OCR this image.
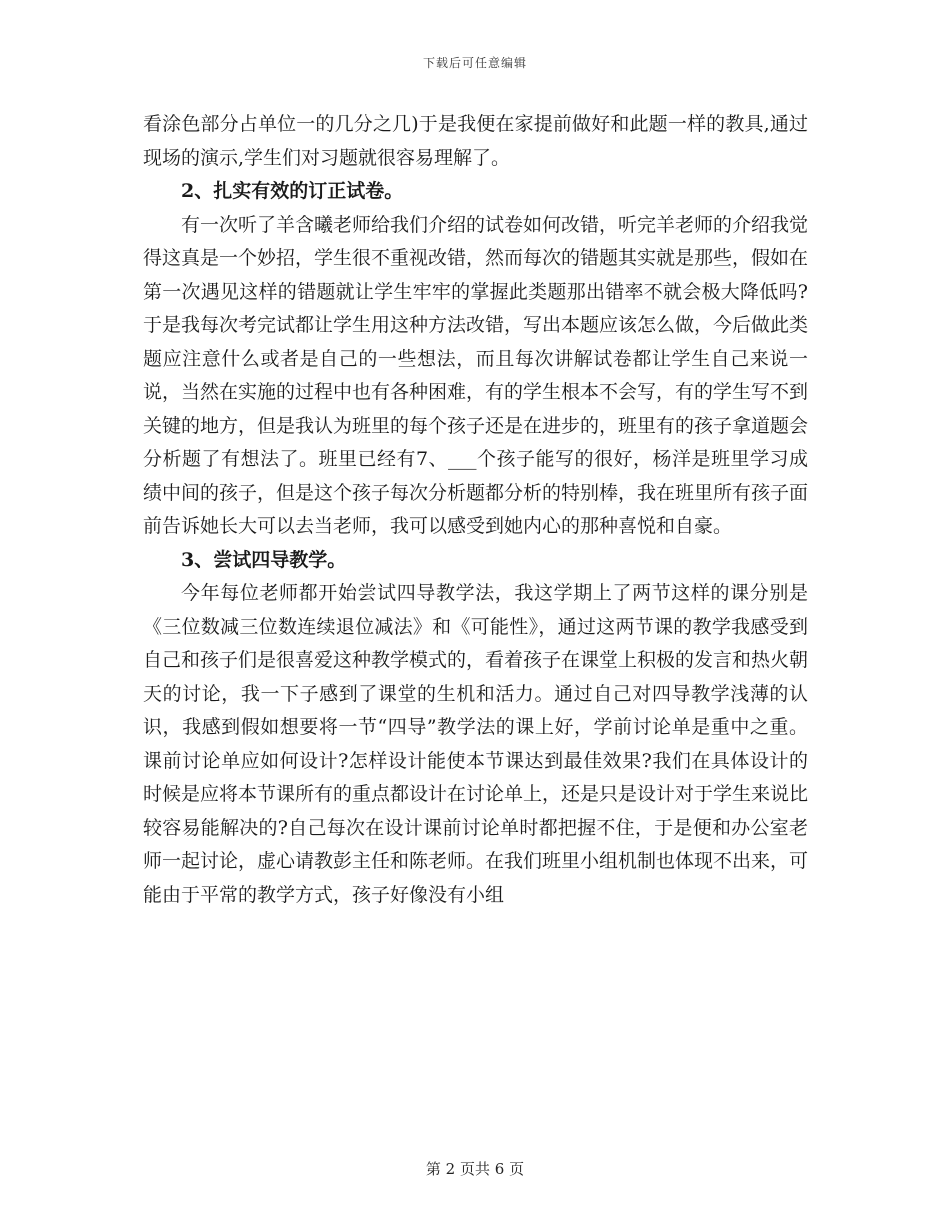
下载后可任意编辑

看涂色部分占单位一的几分之几)于是我便在家提前做好和此题一样的教具,通过现场的演示,学生们对习题就很容易理解了。

2、扎实有效的订正试卷。

有一次听了羊含曦老师给我们介绍的试卷如何改错，听完羊老师的介绍我觉得这真是一个妙招，学生很不重视改错，然而每次的错题其实就是那些，假如在第一次遇见这样的错题就让学生牢牢的掌握此类题那出错率不就会极大降低吗?于是我每次考完试都让学生用这种方法改错，写出本题应该怎么做，今后做此类题应注意什么或者是自己的一些想法，而且每次讲解试卷都让学生自己来说一说，当然在实施的过程中也有各种困难，有的学生根本不会写，有的学生写不到关键的地方，但是我认为班里的每个孩子还是在进步的，班里有的孩子拿道题会分析题了有想法了。班里已经有7、___个孩子能写的很好，杨洋是班里学习成绩中间的孩子，但是这个孩子每次分析题都分析的特别棒，我在班里所有孩子面前告诉她长大可以去当老师，我可以感受到她内心的那种喜悦和自豪。

3、尝试四导教学。

今年每位老师都开始尝试四导教学法，我这学期上了两节这样的课分别是《三位数减三位数连续退位减法》和《可能性》，通过这两节课的教学我感受到自己和孩子们是很喜爱这种教学模式的，看着孩子在课堂上积极的发言和热火朝天的讨论，我一下子感到了课堂的生机和活力。通过自己对四导教学浅薄的认识，我感到假如想要将一节“四导”教学法的课上好，学前讨论单是重中之重。课前讨论单应如何设计?怎样设计能使本节课达到最佳效果?我们在具体设计的时候是应将本节课所有的重点都设计在讨论单上，还是只是设计对于学生来说比较容易能解决的?自己每次在设计课前讨论单时都把握不住，于是便和办公室老师一起讨论，虚心请教彭主任和陈老师。在我们班里小组机制也体现不出来，可能由于平常的教学方式，孩子好像没有小组

第 2 页共 6 页
